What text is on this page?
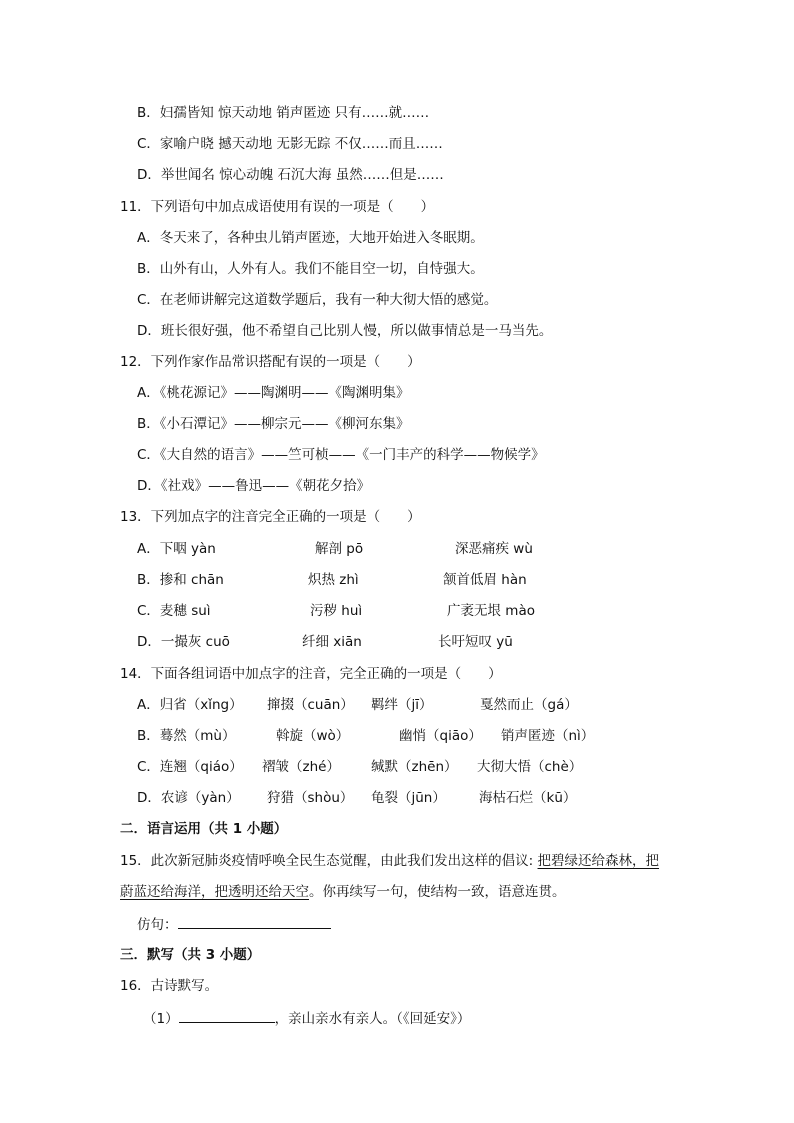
B．妇孺皆知 惊天动地 销声匿迹 只有……就……
C．家喻户晓 撼天动地 无影无踪 不仅……而且……
D．举世闻名 惊心动魄 石沉大海 虽然……但是……
11．下列语句中加点成语使用有误的一项是（　　）
A．冬天来了，各种虫儿销声匿迹，大地开始进入冬眠期。
B．山外有山，人外有人。我们不能目空一切，自恃强大。
C．在老师讲解完这道数学题后，我有一种大彻大悟的感觉。
D．班长很好强，他不希望自己比别人慢，所以做事情总是一马当先。
12．下列作家作品常识搭配有误的一项是（　　）
A．《桃花源记》——陶渊明——《陶渊明集》
B．《小石潭记》——柳宗元——《柳河东集》
C．《大自然的语言》——竺可桢——《一门丰产的科学——物候学》
D．《社戏》——鲁迅——《朝花夕拾》
13．下列加点字的注音完全正确的一项是（　　）
A．下咽 yàn	解剖 pō	深恶痛疾 wù
B．掺和 chān	炽热 zhì	颔首低眉 hàn
C．麦穗 suì	污秽 huì	广袤无垠 mào
D．一撮灰 cuō	纤细 xiān	长吁短叹 yū
14．下面各组词语中加点字的注音，完全正确的一项是（　　）
A．归省（xǐng） 撺掇（cuān） 羁绊（jī）	戛然而止（gá）
B．蓦然（mù）	斡旋（wò）	幽悄（qiāo） 销声匿迹（nì）
C．连翘（qiáo） 褶皱（zhé） 缄默（zhēn） 大彻大悟（chè）
D．农谚（yàn） 狩猎（shòu） 龟裂（jūn） 海枯石烂（kū）
二．语言运用（共 1 小题）
15．此次新冠肺炎疫情呼唤全民生态觉醒，由此我们发出这样的倡议: 把碧绿还给森林，把
蔚蓝还给海洋，把透明还给天空。你再续写一句，使结构一致，语意连贯。
仿句：
三．默写（共 3 小题）
16．古诗默写。
（1）	，亲山亲水有亲人。（《回延安》）
